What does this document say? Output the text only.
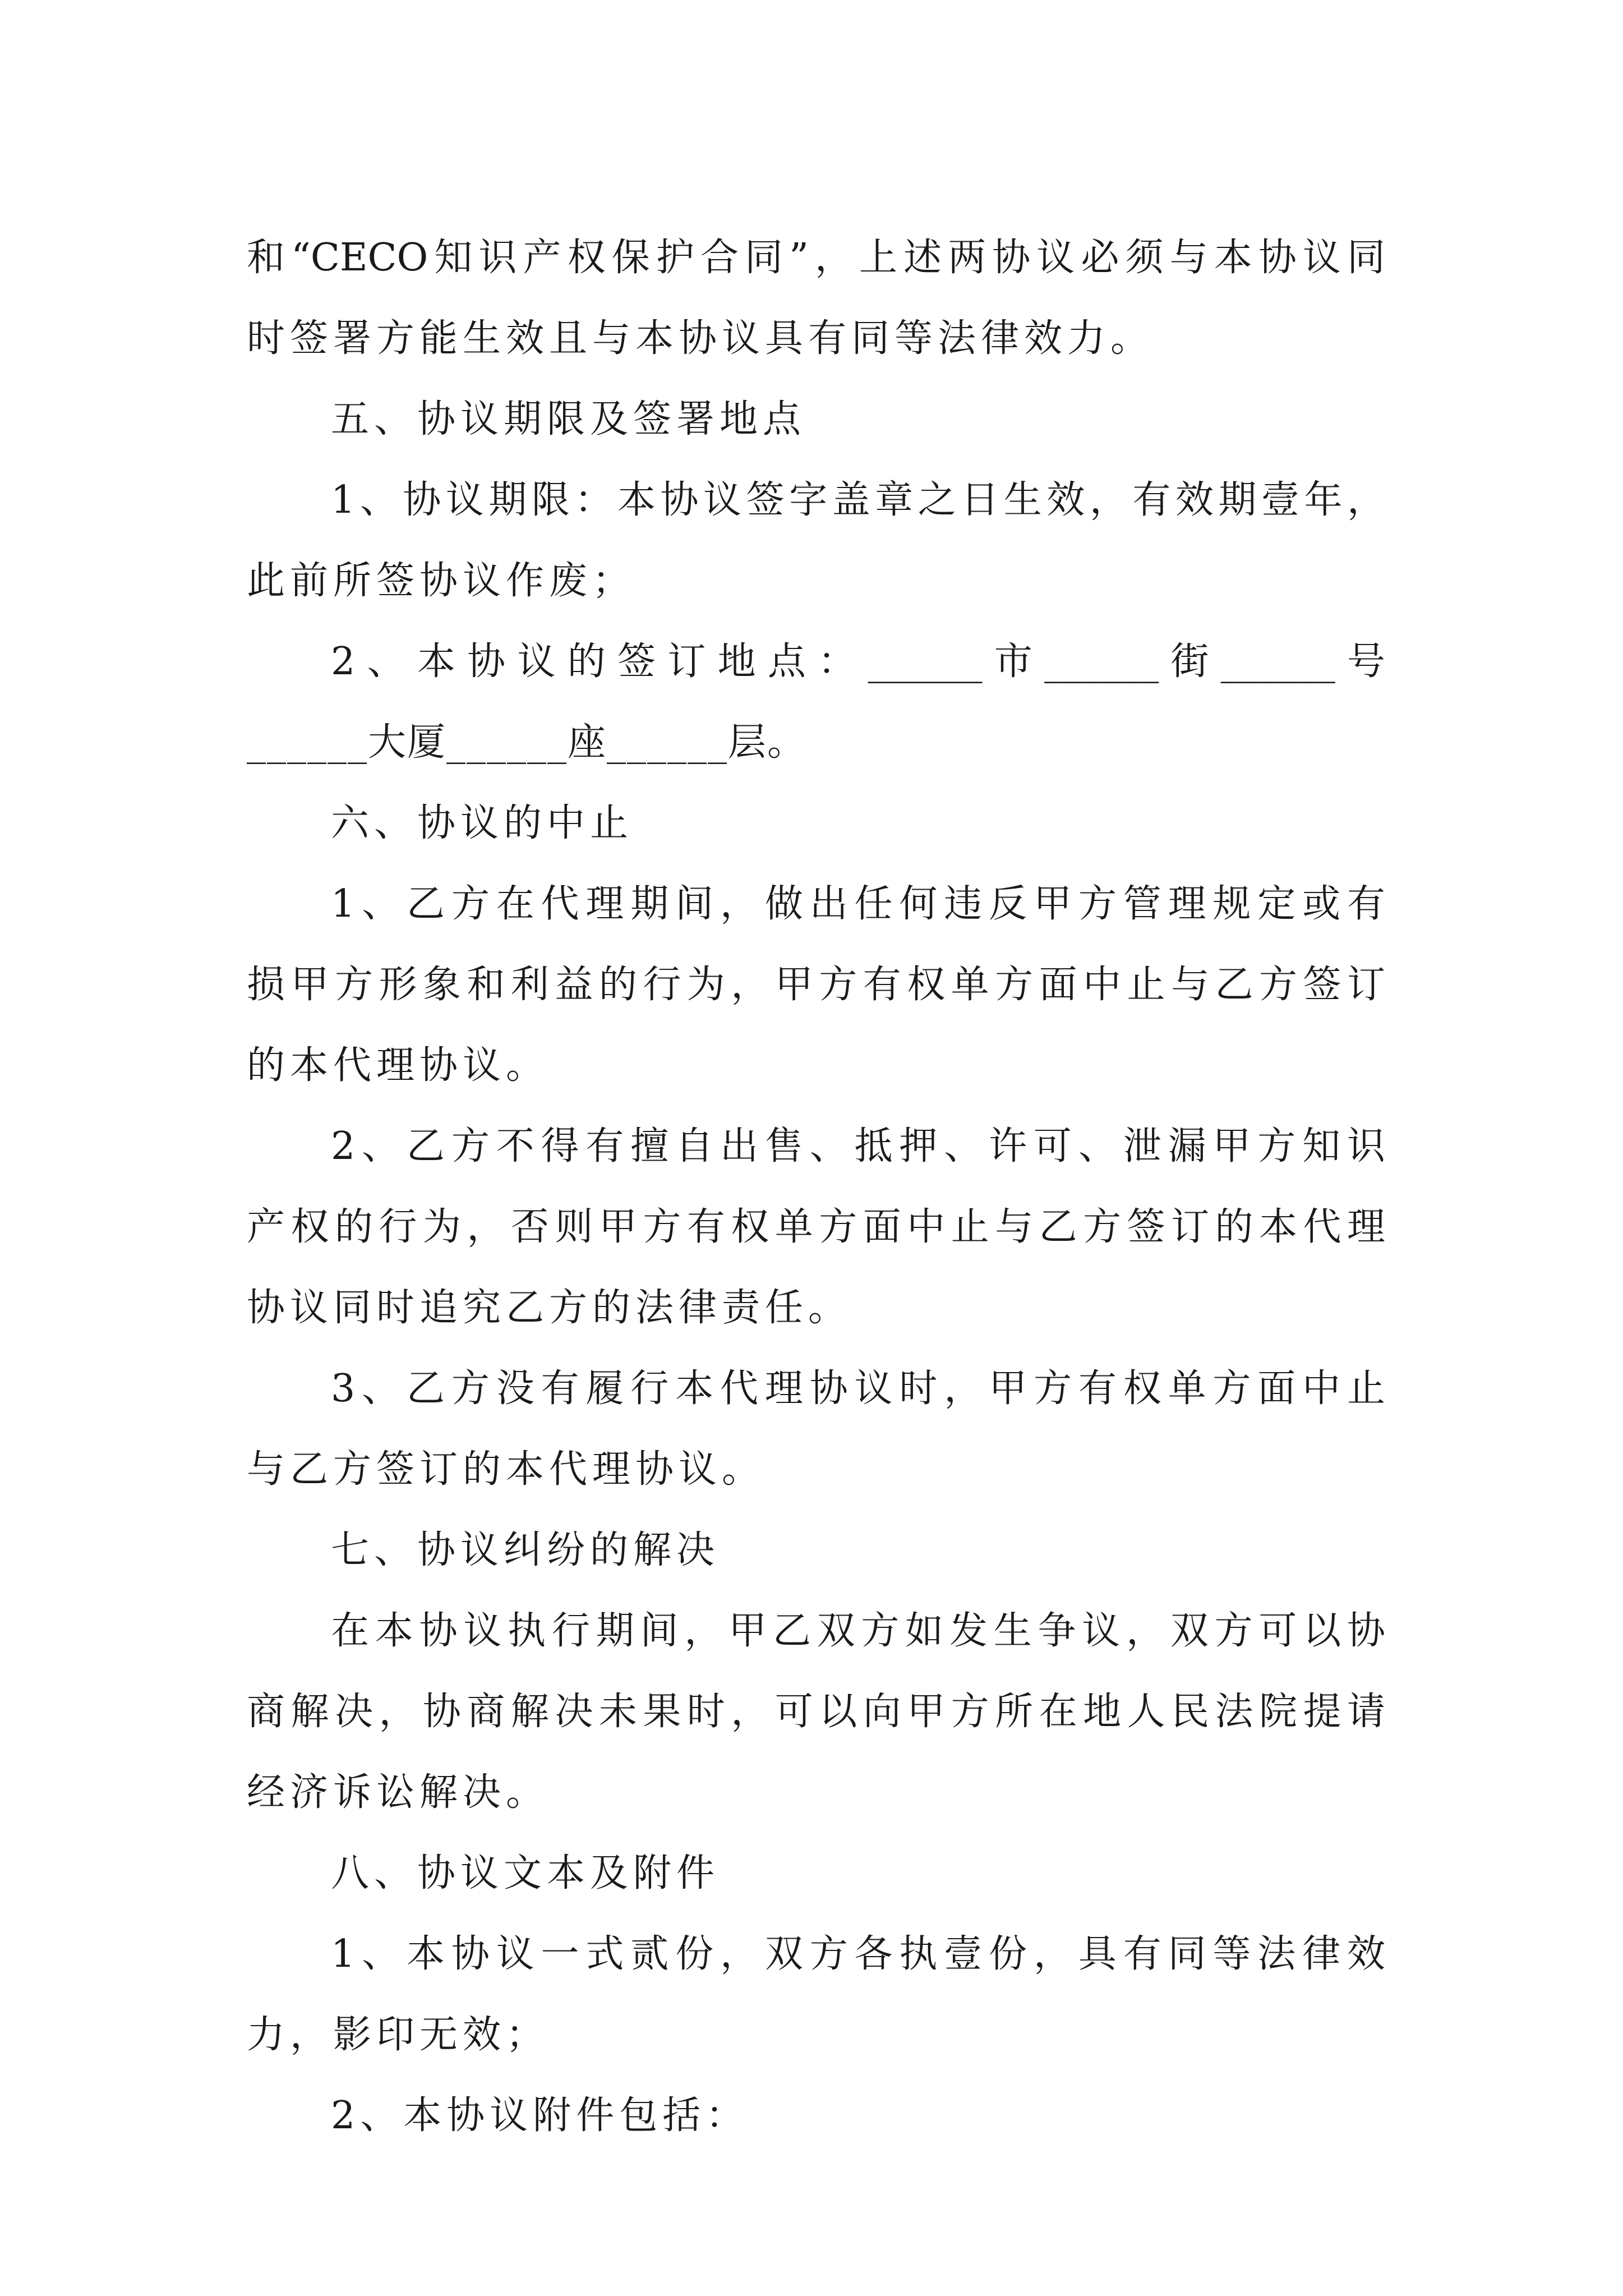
和“CECO知识产权保护合同”，上述两协议必须与本协议同
时签署方能生效且与本协议具有同等法律效力。
五、协议期限及签署地点
1、协议期限：本协议签字盖章之日生效，有效期壹年，
此前所签协议作废；
2、本协议的签订地点：______市______街______号
______大厦______座______层。
六、协议的中止
1、乙方在代理期间，做出任何违反甲方管理规定或有
损甲方形象和利益的行为，甲方有权单方面中止与乙方签订
的本代理协议。
2、乙方不得有擅自出售、抵押、许可、泄漏甲方知识
产权的行为，否则甲方有权单方面中止与乙方签订的本代理
协议同时追究乙方的法律责任。
3、乙方没有履行本代理协议时，甲方有权单方面中止
与乙方签订的本代理协议。
七、协议纠纷的解决
在本协议执行期间，甲乙双方如发生争议，双方可以协
商解决，协商解决未果时，可以向甲方所在地人民法院提请
经济诉讼解决。
八、协议文本及附件
1、本协议一式贰份，双方各执壹份，具有同等法律效
力，影印无效；
2、本协议附件包括：
